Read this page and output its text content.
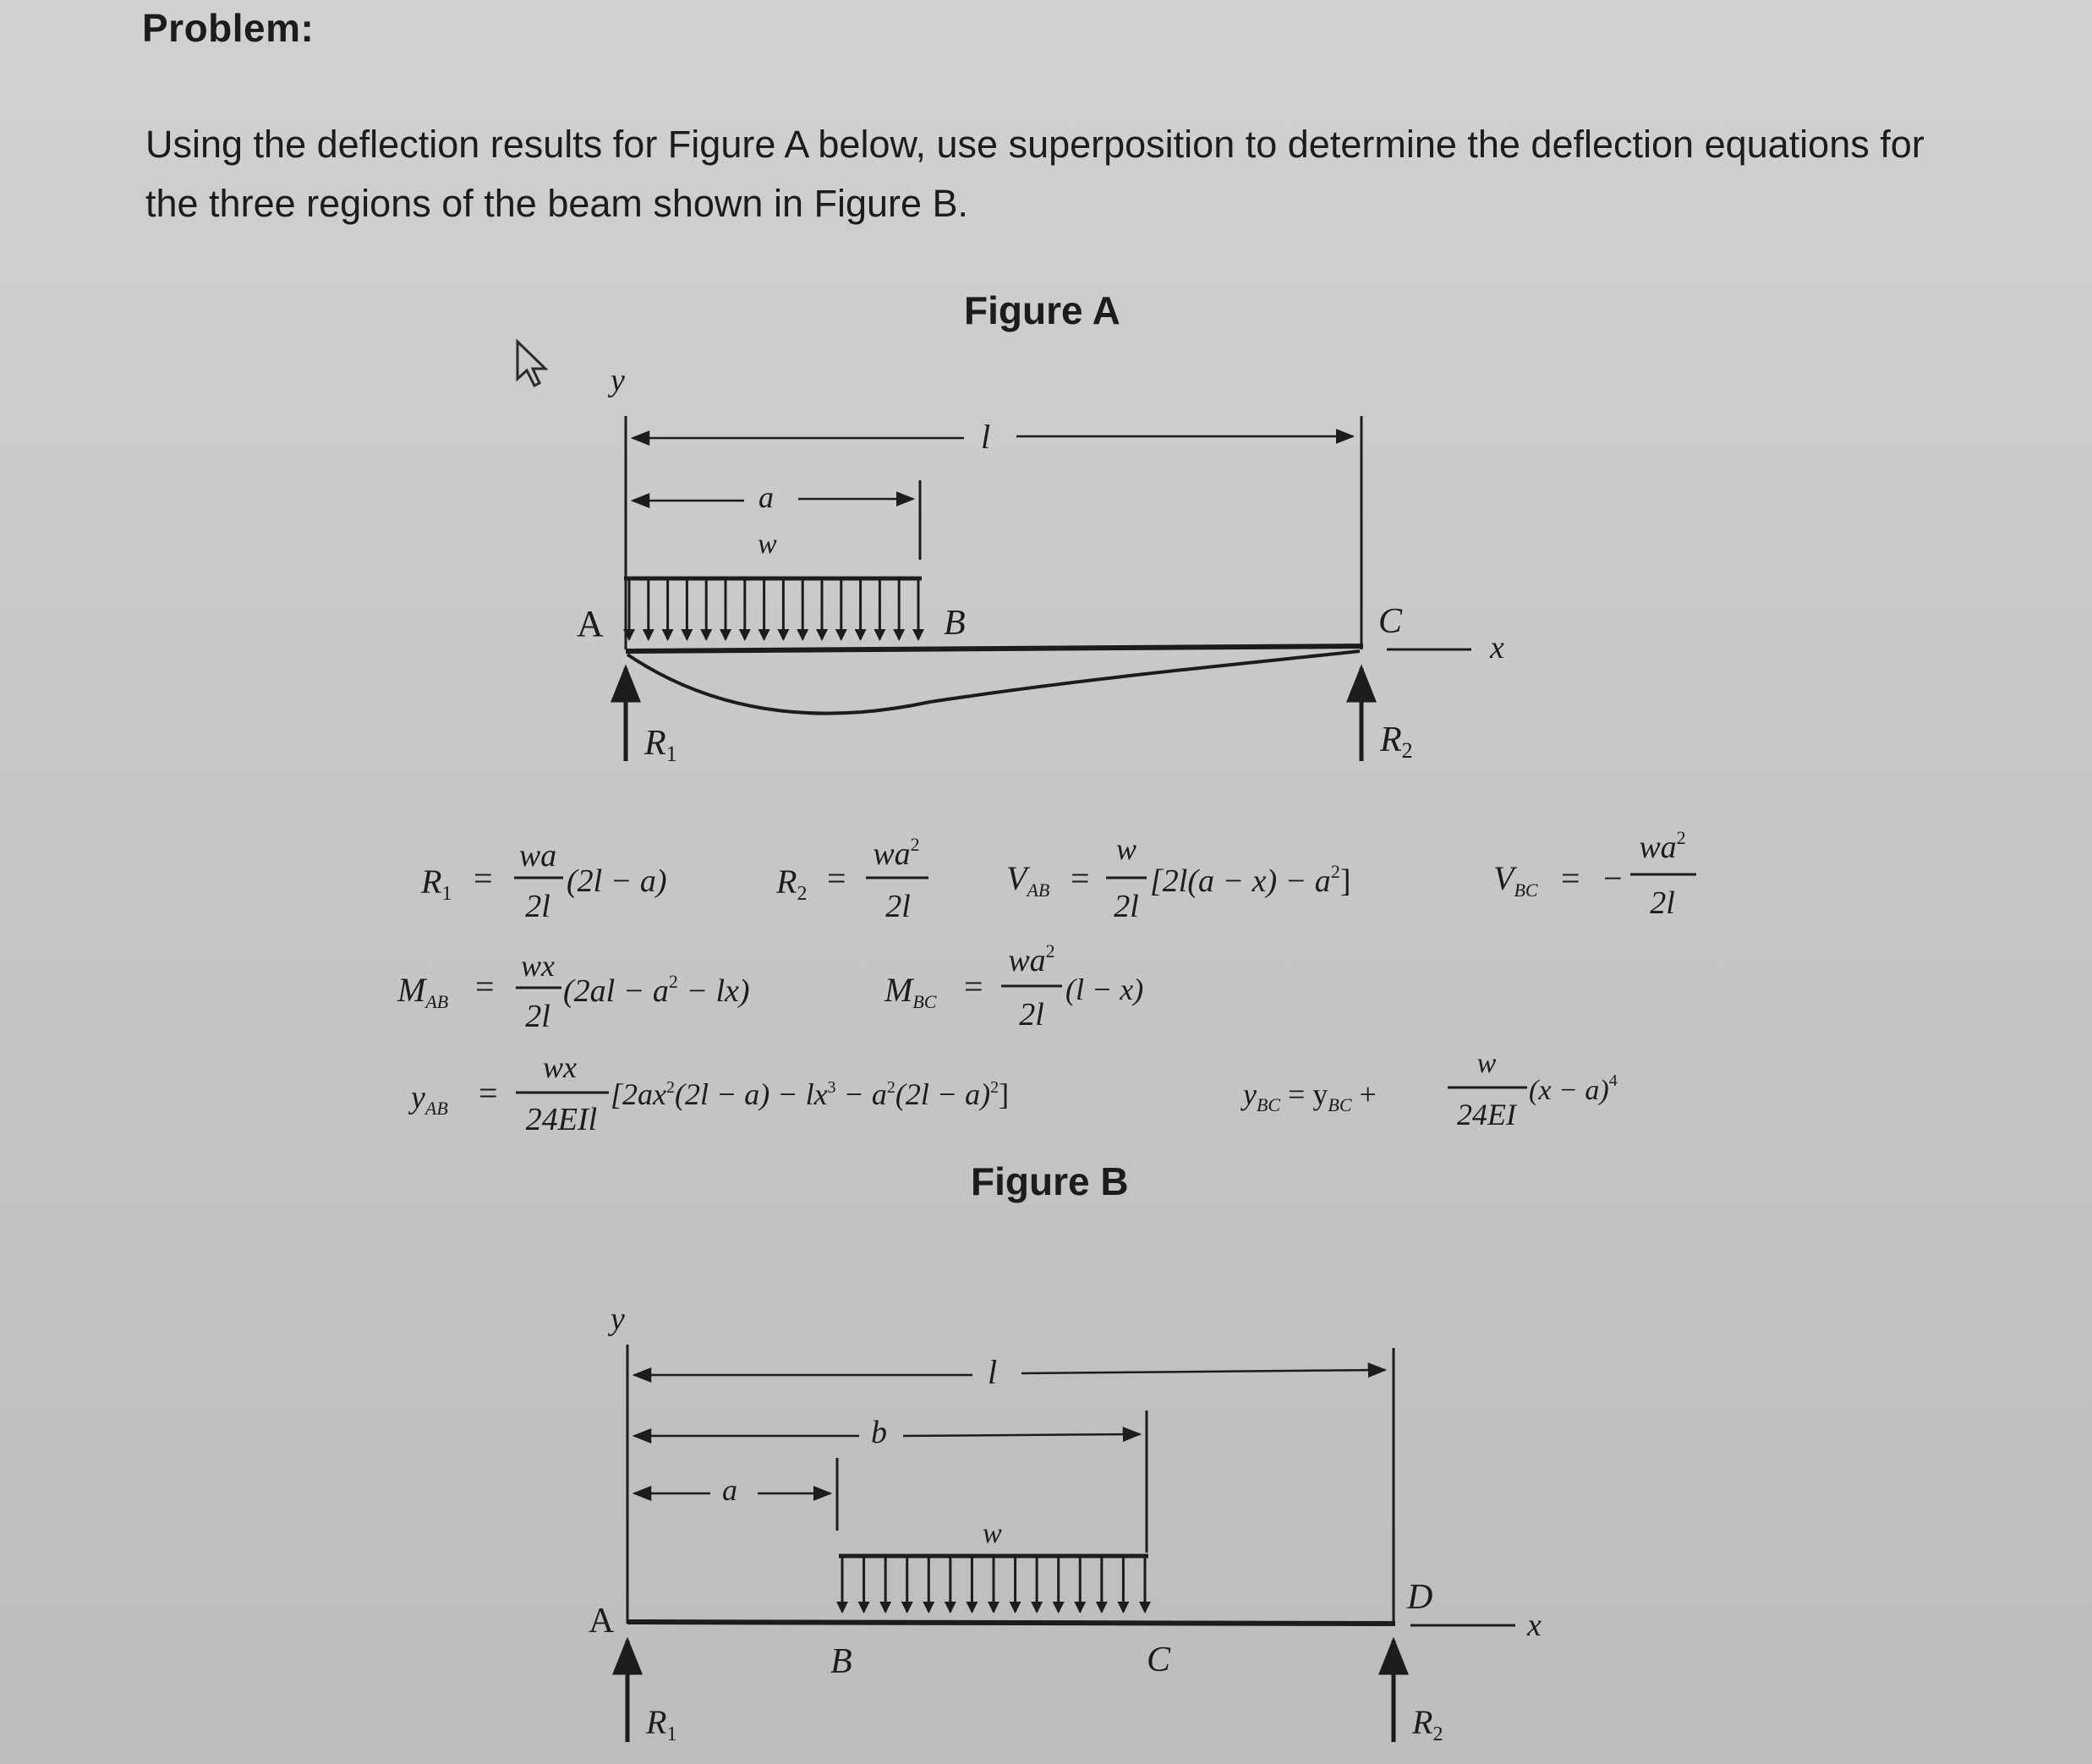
Problem:
Using the deflection results for Figure A below, use superposition to determine the deflection equations for the three regions of the beam shown in Figure B.
Figure A
Figure B
y
l
a
w
A	B	C
x
R1	R2
$R_1$ =
wa
2l
(2l − a)	$R_2$ =
$wa^2$
2l
$V_{AB}$ =
w
2l
$[2l(a - x) - a^2]$	$V_{BC}$ = −
$wa^2$
2l
$M_{AB}$ =
wx
2l
$(2al - a^2 - lx)$	$M_{BC}$ =
$wa^2$
2l
(l − x)
$y_{AB}$ =
wx
24EIl
$[2ax^2(2l - a) - lx^3 - a^2(2l - a)^2]$	$y_{BC} = y_{BC}$ +
w
24EI
$(x - a)^4$
y
l
b
a
w
A
B	C
D
x
$R_1$	$R_2$
